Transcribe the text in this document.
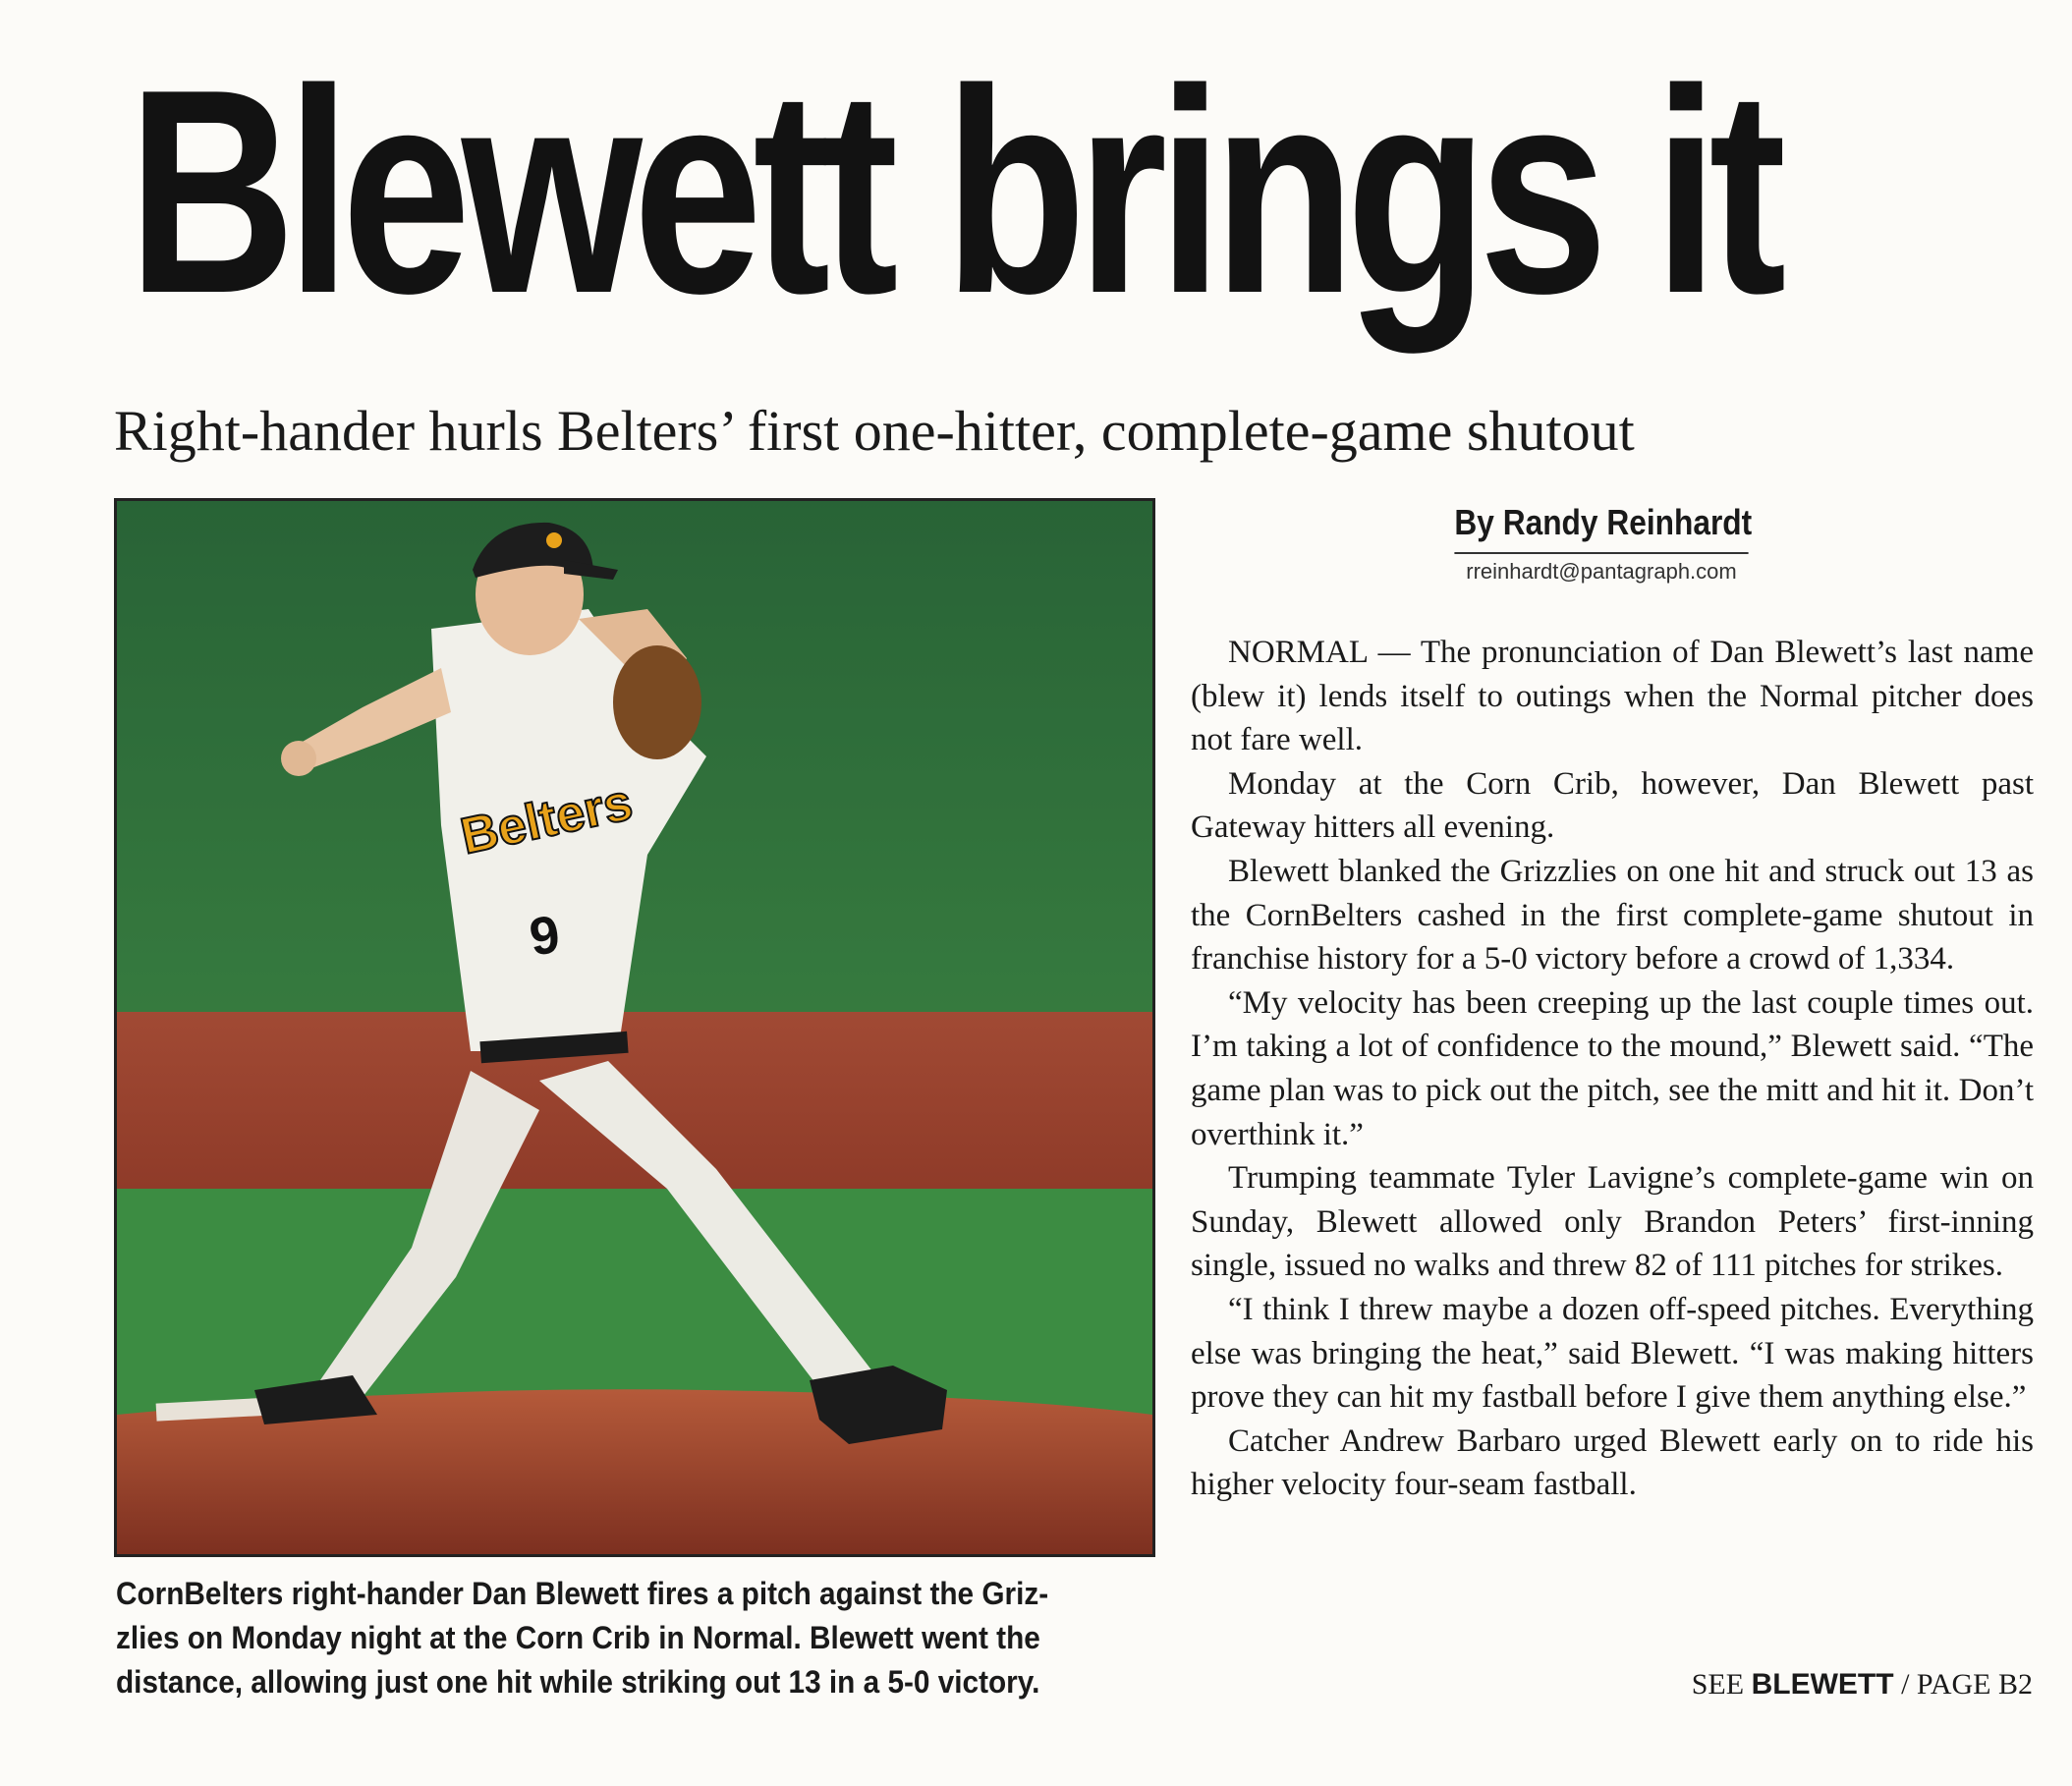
Blewett brings it
Right-hander hurls Belters’ first one-hitter, complete-game shutout
Belters
9
CornBelters right-hander Dan Blewett fires a pitch against the Griz-
zlies on Monday night at the Corn Crib in Normal. Blewett went the
distance, allowing just one hit while striking out 13 in a 5-0 victory.
By Randy Reinhardt
rreinhardt@pantagraph.com

NORMAL — The pronunciation of Dan Blewett’s last name (blew it) lends itself to outings when the Normal pitcher does not fare well.

Monday at the Corn Crib, however, Dan Blewett past Gateway hitters all evening.

Blewett blanked the Grizzlies on one hit and struck out 13 as the CornBelters cashed in the first complete-game shutout in franchise history for a 5-0 victory before a crowd of 1,334.

“My velocity has been creeping up the last couple times out. I’m taking a lot of confidence to the mound,” Blewett said. “The game plan was to pick out the pitch, see the mitt and hit it. Don’t overthink it.”

Trumping teammate Tyler Lavigne’s complete-game win on Sunday, Blewett allowed only Brandon Peters’ first-inning single, issued no walks and threw 82 of 111 pitches for strikes.

“I think I threw maybe a dozen off-speed pitches. Everything else was bringing the heat,” said Blewett. “I was making hitters prove they can hit my fastball before I give them anything else.”

Catcher Andrew Barbaro urged Blewett early on to ride his higher velocity four-seam fastball.

SEE BLEWETT / PAGE B2
